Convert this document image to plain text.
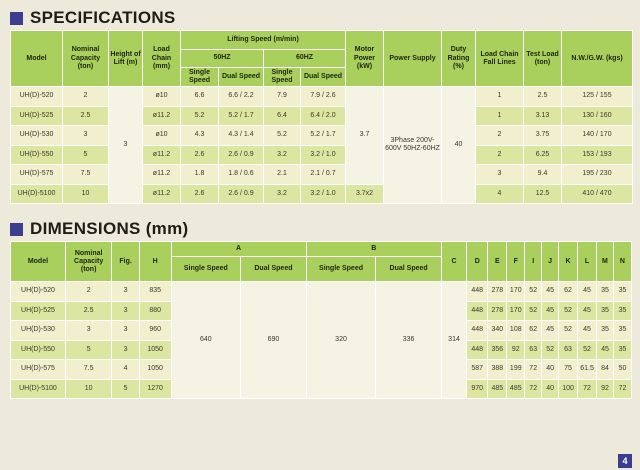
SPECIFICATIONS
Model	Nominal Capacity (ton)	Height of Lift (m)	Load Chain (mm)	Lifting Speed (m/min)				Motor Power (kW)	Power Supply	Duty Rating (%)	Load Chain Fall Lines	Test Load (ton)	N.W./G.W. (kgs)
				50HZ		60HZ							
				Single Speed	Dual Speed	Single Speed	Dual Speed						
UH(D)-520	2	3	ø10	6.6	6.6 / 2.2	7.9	7.9 / 2.6	3.7	3Phase 200V-600V 50HZ-60HZ	40	1	2.5	125 / 155
UH(D)-525	2.5		ø11.2	5.2	5.2 / 1.7	6.4	6.4 / 2.0				1	3.13	130 / 160
UH(D)-530	3		ø10	4.3	4.3 / 1.4	5.2	5.2 / 1.7				2	3.75	140 / 170
UH(D)-550	5		ø11.2	2.6	2.6 / 0.9	3.2	3.2 / 1.0				2	6.25	153 / 193
UH(D)-575	7.5		ø11.2	1.8	1.8 / 0.6	2.1	2.1 / 0.7				3	9.4	195 / 230
UH(D)-5100	10		ø11.2	2.6	2.6 / 0.9	3.2	3.2 / 1.0	3.7x2			4	12.5	410 / 470
DIMENSIONS (mm)
Model	Nominal Capacity (ton)	Fig.	H	A		B		C	D	E	F	I	J	K	L	M	N
				Single Speed	Dual Speed	Single Speed	Dual Speed										
UH(D)-520	2	3	835	640	690	320	336	314	448	278	170	52	45	62	45	35	35
UH(D)-525	2.5	3	880						448	278	170	52	45	52	45	35	35
UH(D)-530	3	3	960						448	340	108	62	45	52	45	35	35
UH(D)-550	5	3	1050						448	356	92	63	52	63	52	45	35
UH(D)-575	7.5	4	1050						587	388	199	72	40	75	61.5	84	50
UH(D)-5100	10	5	1270						970	485	485	72	40	100	72	92	72
4
